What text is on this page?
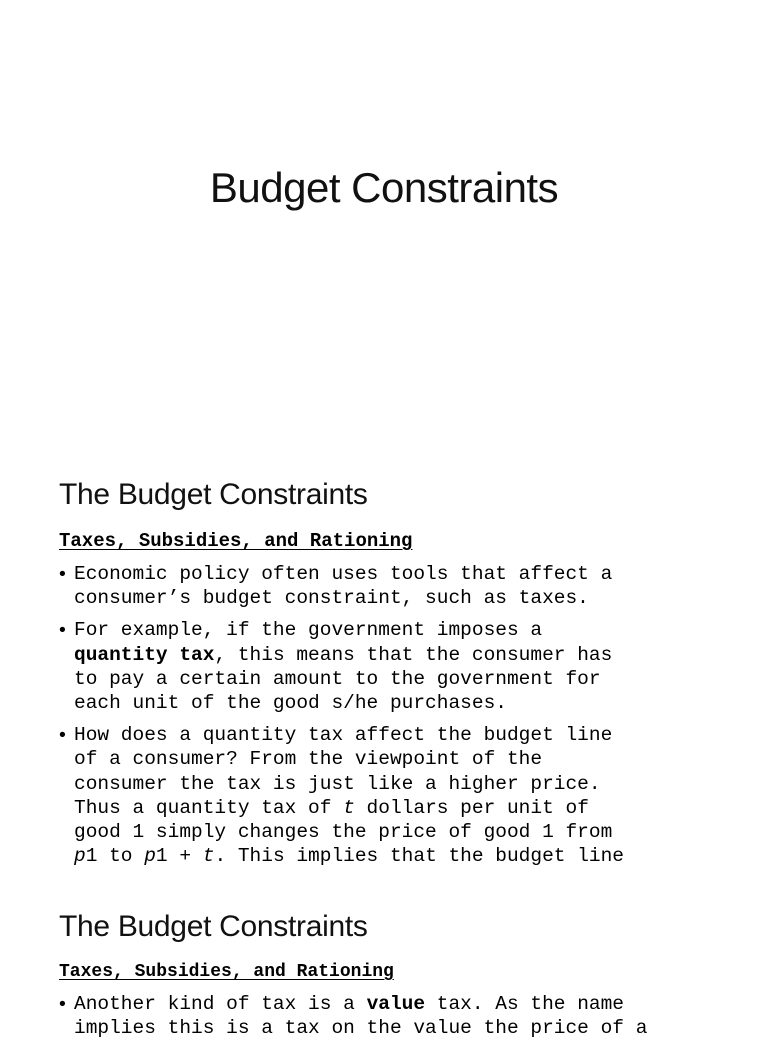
Budget Constraints
The Budget Constraints
Taxes, Subsidies, and Rationing
• Economic policy often uses tools that affect a
consumer’s budget constraint, such as taxes.
• For example, if the government imposes a
quantity tax, this means that the consumer has
to pay a certain amount to the government for
each unit of the good s/he purchases.
• How does a quantity tax affect the budget line
of a consumer? From the viewpoint of the
consumer the tax is just like a higher price.
Thus a quantity tax of t dollars per unit of
good 1 simply changes the price of good 1 from
p1 to p1 + t. This implies that the budget line
The Budget Constraints
Taxes, Subsidies, and Rationing
• Another kind of tax is a value tax. As the name
implies this is a tax on the value the price of a
